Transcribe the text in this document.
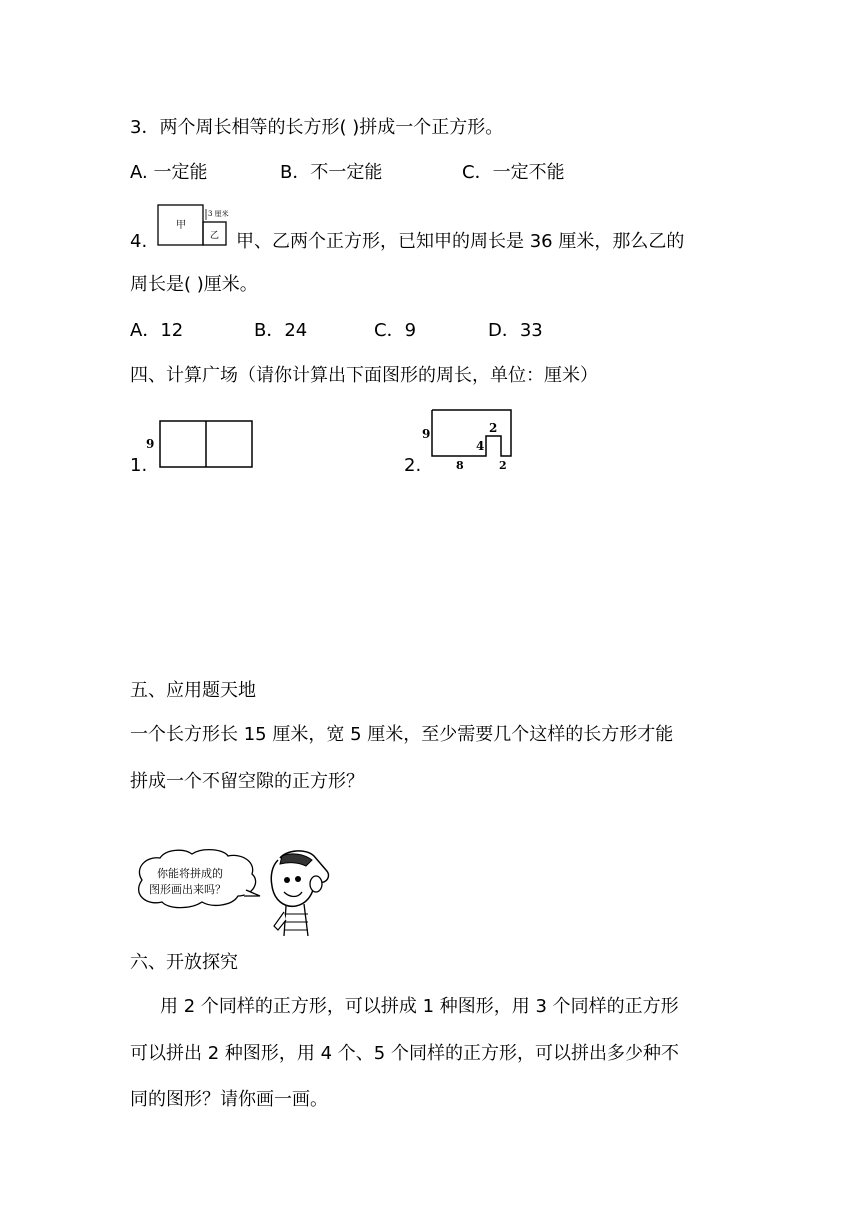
3．两个周长相等的长方形( )拼成一个正方形。
A. 一定能	B．不一定能	C．一定不能
4.
甲
乙
3 厘米
甲、乙两个正方形，已知甲的周长是 36 厘米，那么乙的
周长是( )厘米。
A．12	B．24	C．9	D．33
四、计算广场（请你计算出下面图形的周长，单位：厘米）
1.
9
2.
9
8
4
2
2
五、应用题天地
一个长方形长 15 厘米，宽 5 厘米，至少需要几个这样的长方形才能
拼成一个不留空隙的正方形？
你能将拼成的
图形画出来吗？
六、开放探究
用 2 个同样的正方形，可以拼成 1 种图形，用 3 个同样的正方形
可以拼出 2 种图形，用 4 个、5 个同样的正方形，可以拼出多少种不
同的图形？请你画一画。
